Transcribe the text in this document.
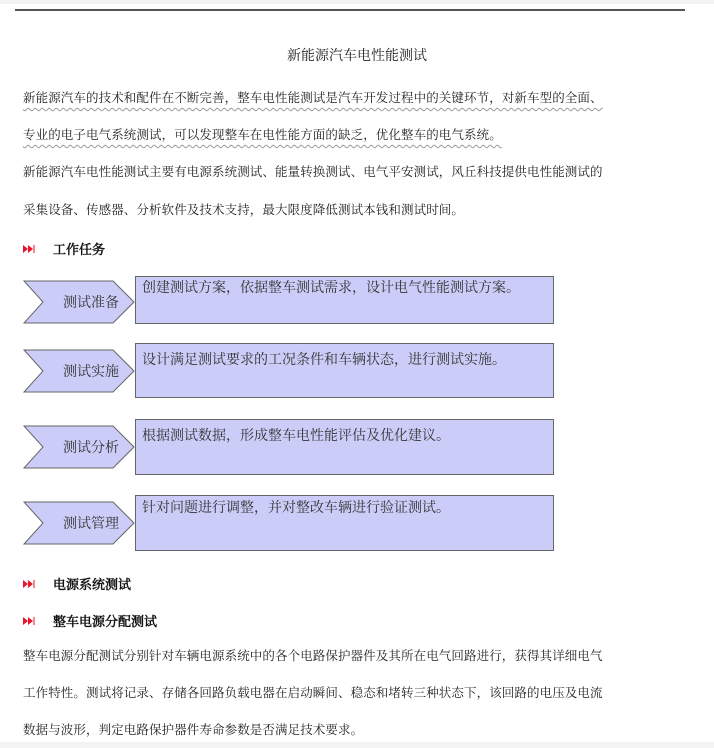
新能源汽车电性能测试
新能源汽车的技术和配件在不断完善，整车电性能测试是汽车开发过程中的关键环节，对新车型的全面、
专业的电子电气系统测试，可以发现整车在电性能方面的缺乏，优化整车的电气系统。
新能源汽车电性能测试主要有电源系统测试、能量转换测试、电气平安测试，风丘科技提供电性能测试的
采集设备、传感器、分析软件及技术支持，最大限度降低测试本钱和测试时间。
工作任务
测试准备
创建测试方案，依据整车测试需求，设计电气性能测试方案。
测试实施
设计满足测试要求的工况条件和车辆状态，进行测试实施。
测试分析
根据测试数据，形成整车电性能评估及优化建议。
测试管理
针对问题进行调整，并对整改车辆进行验证测试。
电源系统测试
整车电源分配测试
整车电源分配测试分别针对车辆电源系统中的各个电路保护器件及其所在电气回路进行，获得其详细电气
工作特性。测试将记录、存储各回路负载电器在启动瞬间、稳态和堵转三种状态下，该回路的电压及电流
数据与波形，判定电路保护器件寿命参数是否满足技术要求。
